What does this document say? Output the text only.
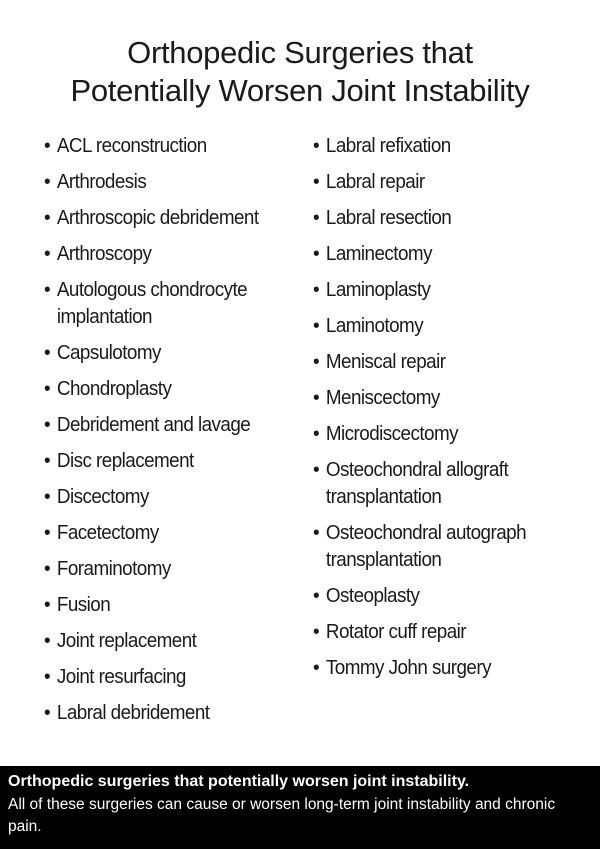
Orthopedic Surgeries that
Potentially Worsen Joint Instability
• ACL reconstruction
• Arthrodesis
• Arthroscopic debridement
• Arthroscopy
• Autologous chondrocyte implantation
• Capsulotomy
• Chondroplasty
• Debridement and lavage
• Disc replacement
• Discectomy
• Facetectomy
• Foraminotomy
• Fusion
• Joint replacement
• Joint resurfacing
• Labral debridement
• Labral refixation
• Labral repair
• Labral resection
• Laminectomy
• Laminoplasty
• Laminotomy
• Meniscal repair
• Meniscectomy
• Microdiscectomy
• Osteochondral allograft transplantation
• Osteochondral autograph transplantation
• Osteoplasty
• Rotator cuff repair
• Tommy John surgery
Orthopedic surgeries that potentially worsen joint instability.
All of these surgeries can cause or worsen long-term joint instability and chronic pain.
